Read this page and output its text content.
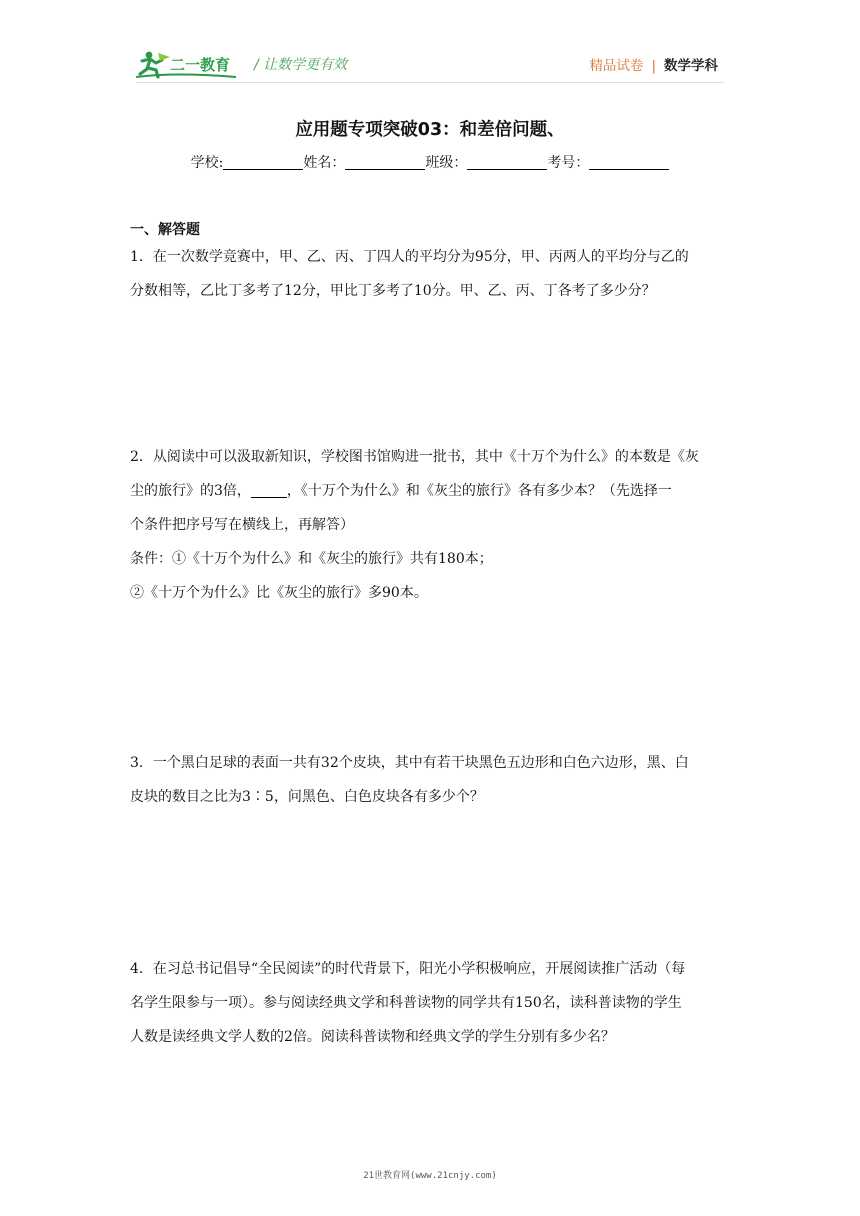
二一教育 / 让数学更有效	精品试卷 | 数学学科
应用题专项突破03：和差倍问题、
学校:	姓名：	班级：	考号：
一、解答题
1．在一次数学竞赛中，甲、乙、丙、丁四人的平均分为95分，甲、丙两人的平均分与乙的
分数相等，乙比丁多考了12分，甲比丁多考了10分。甲、乙、丙、丁各考了多少分？
2．从阅读中可以汲取新知识，学校图书馆购进一批书，其中《十万个为什么》的本数是《灰
尘的旅行》的3倍，	，《十万个为什么》和《灰尘的旅行》各有多少本？（先选择一
个条件把序号写在横线上，再解答）
条件：①《十万个为什么》和《灰尘的旅行》共有180本；
②《十万个为什么》比《灰尘的旅行》多90本。
3．一个黑白足球的表面一共有32个皮块，其中有若干块黑色五边形和白色六边形，黑、白
皮块的数目之比为3∶5，问黑色、白色皮块各有多少个？
4．在习总书记倡导“全民阅读”的时代背景下，阳光小学积极响应，开展阅读推广活动（每
名学生限参与一项）。参与阅读经典文学和科普读物的同学共有150名，读科普读物的学生
人数是读经典文学人数的2倍。阅读科普读物和经典文学的学生分别有多少名？
21世教育网(www.21cnjy.com)
